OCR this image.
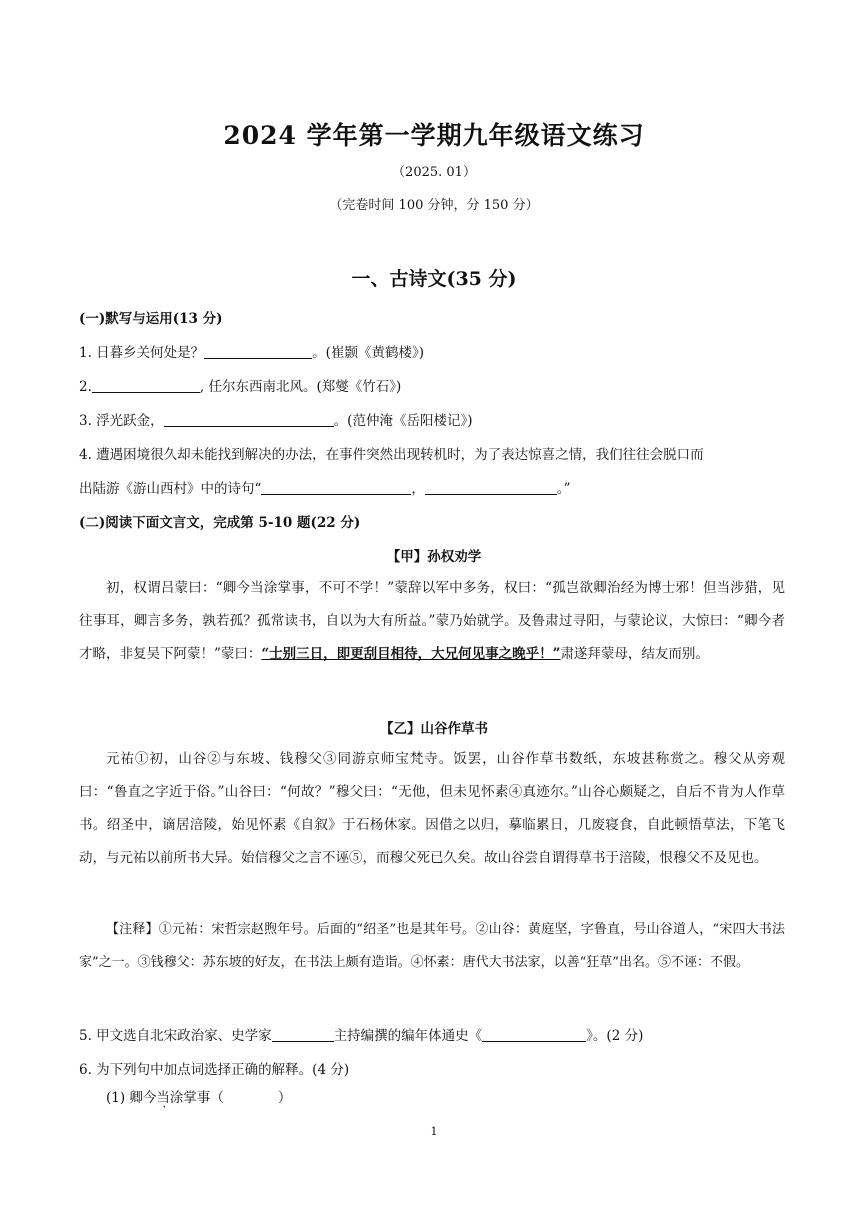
2024 学年第一学期九年级语文练习
（2025. 01）
（完卷时间 100 分钟，分 150 分）
一、古诗文(35 分)
(一)默写与运用(13 分)
1. 日暮乡关何处是？	。(崔颢《黄鹤楼》)
2.	, 任尔东西南北风。(郑燮《竹石》)
3. 浮光跃金，	。(范仲淹《岳阳楼记》)
4. 遭遇困境很久却未能找到解决的办法，在事件突然出现转机时，为了表达惊喜之情，我们往往会脱口而
出陆游《游山西村》中的诗句“	，	。”
(二)阅读下面文言文，完成第 5-10 题(22 分)
【甲】孙权劝学
初，权谓吕蒙曰：“卿今当涂掌事，不可不学！”蒙辞以军中多务，权曰：“孤岂欲卿治经为博士邪！但当涉猎，见往事耳，卿言多务，孰若孤？孤常读书，自以为大有所益。”蒙乃始就学。及鲁肃过寻阳，与蒙论议，大惊曰：“卿今者才略，非复吴下阿蒙！”蒙曰：“士别三日，即更刮目相待，大兄何见事之晚乎！”肃遂拜蒙母，结友而别。
【乙】山谷作草书
元祐①初，山谷②与东坡、钱穆父③同游京师宝梵寺。饭罢，山谷作草书数纸，东坡甚称赏之。穆父从旁观曰：“鲁直之字近于俗。”山谷曰：“何故？”穆父曰：“无他，但未见怀素④真迹尔。”山谷心颇疑之，自后不肯为人作草书。绍圣中，谪居涪陵，始见怀素《自叙》于石杨休家。因借之以归，摹临累日，几废寝食，自此顿悟草法，下笔飞动，与元祐以前所书大异。始信穆父之言不诬⑤，而穆父死已久矣。故山谷尝自谓得草书于涪陵，恨穆父不及见也。
【注释】①元祐：宋哲宗赵煦年号。后面的“绍圣”也是其年号。②山谷：黄庭坚，字鲁直，号山谷道人，“宋四大书法家”之一。③钱穆父：苏东坡的好友，在书法上颇有造诣。④怀素：唐代大书法家，以善“狂草”出名。⑤不诬：不假。
5. 甲文选自北宋政治家、史学家	主持编撰的编年体通史《	》。(2 分)
6. 为下列句中加点词选择正确的解释。(4 分)
(1) 卿今当涂掌事（　　　　）
1
